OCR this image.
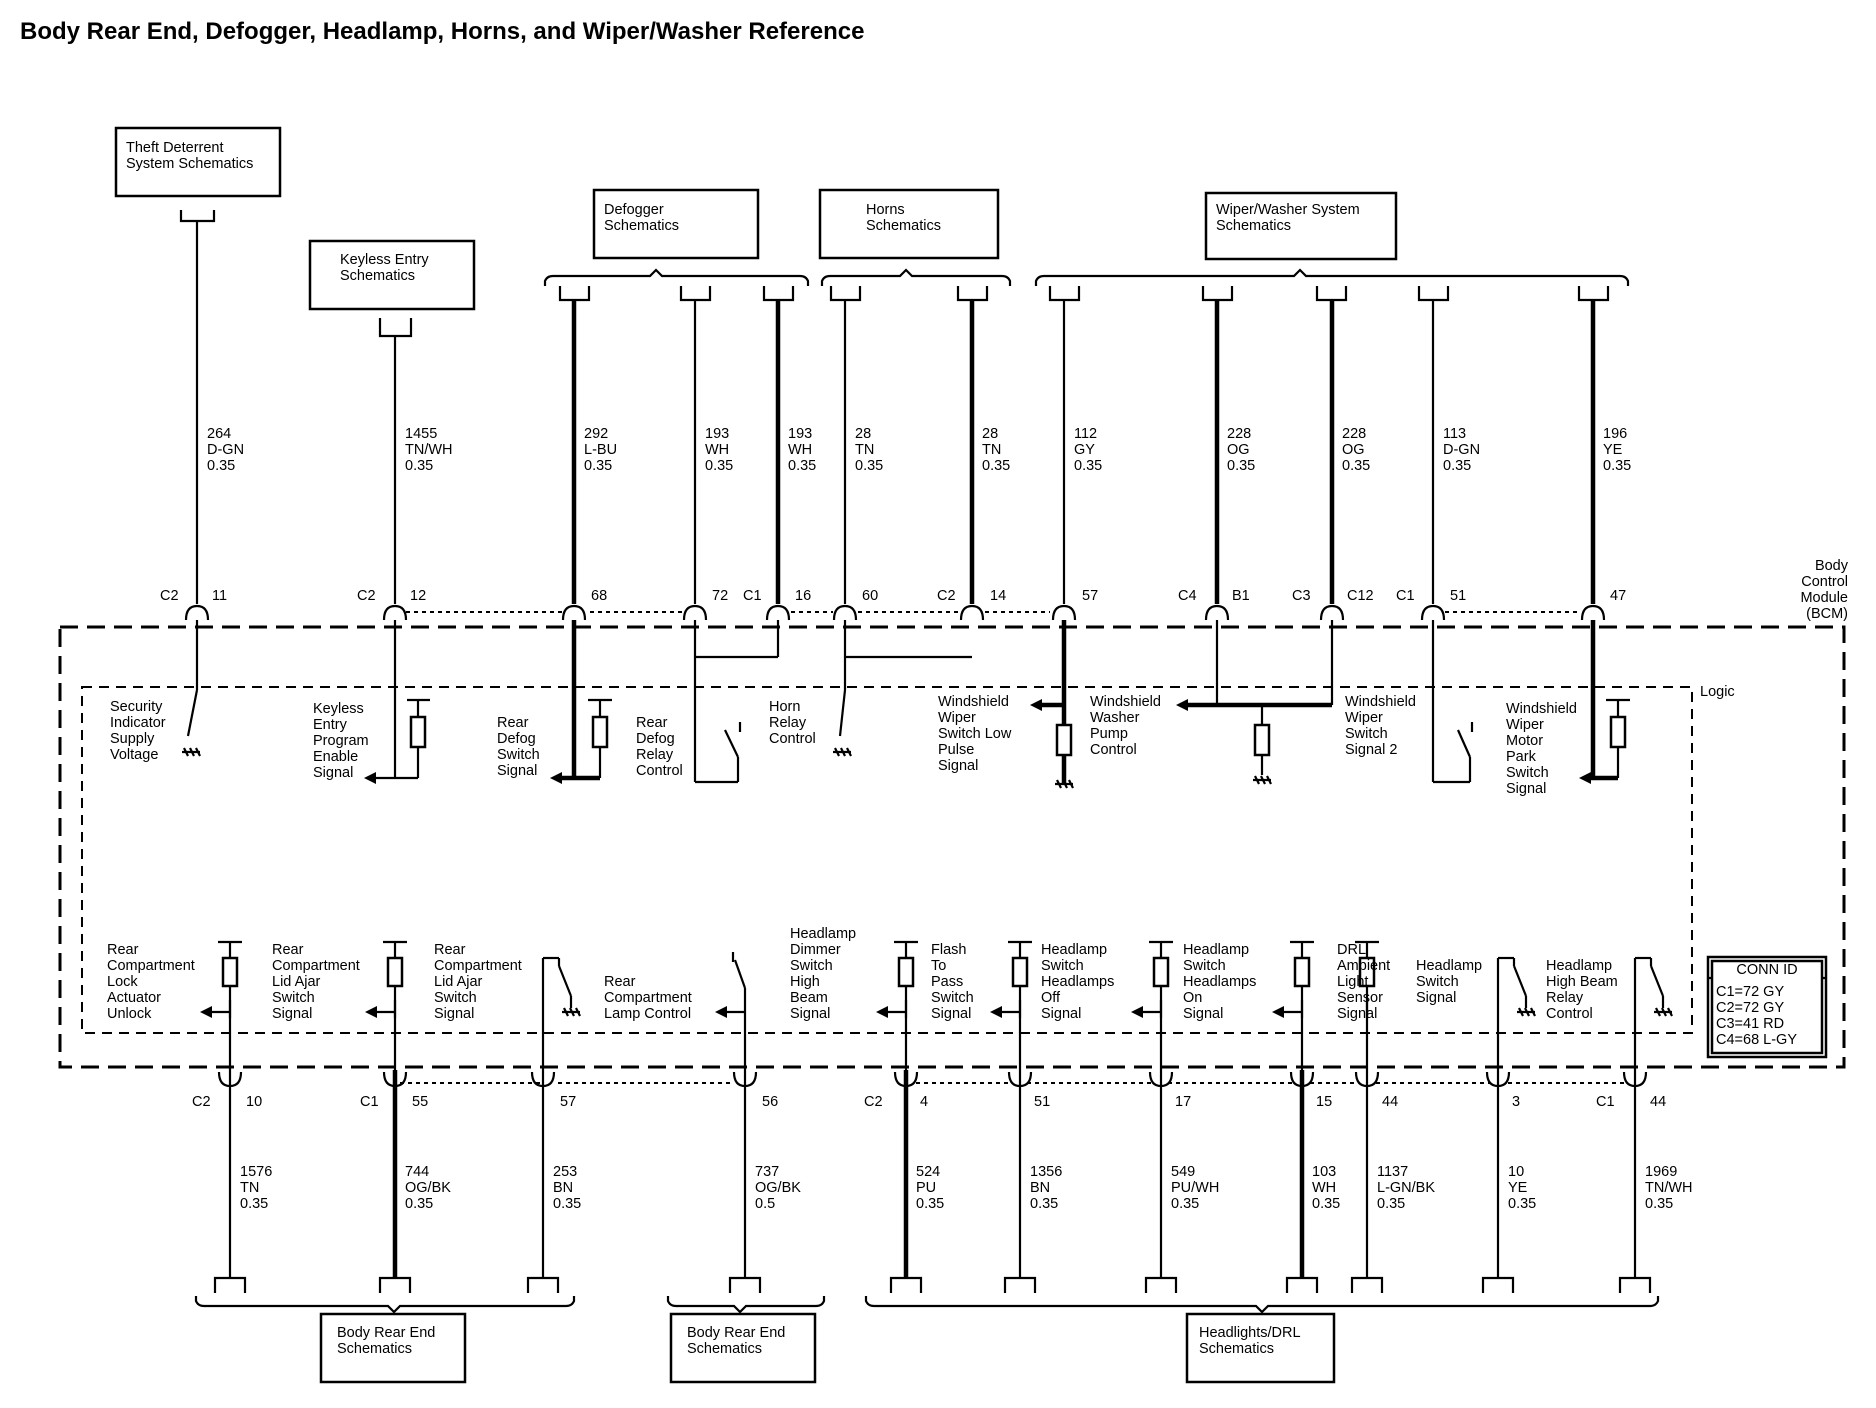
Body Rear End, Defogger, Headlamp, Horns, and Wiper/Washer Reference
Body
Control
Module
(BCM)
Logic
CONN ID
C1=72 GY
C2=72 GY
C3=41 RD
C4=68 L-GY
Theft Deterrent
System Schematics
Keyless Entry
Schematics
Defogger
Schematics
Horns
Schematics
Wiper/Washer System
Schematics
264
D-GN
0.35
1455
TN/WH
0.35
292
L-BU
0.35
193
WH
0.35
193
WH
0.35
28
TN
0.35
28
TN
0.35
112
GY
0.35
228
OG
0.35
228
OG
0.35
113
D-GN
0.35
196
YE
0.35
C2 11	C2 12	68	72 C1 16	60	C2 14	57	C4 B1	C3	C12 C1 51	47
C2 10	C1 55	57	56	C2	4	51	17	15	44	3	C1 44
1576
TN
0.35
744
OG/BK
0.35
253
BN
0.35
737
OG/BK
0.5
524
PU
0.35
1356
BN
0.35
549
PU/WH
0.35
103
WH
0.35
1137
L-GN/BK
0.35
10
YE
0.35
1969
TN/WH
0.35
Body Rear End
Schematics
Body Rear End
Schematics
Headlights/DRL
Schematics
Security
Indicator
Supply
Voltage
Keyless
Entry
Program
Enable
Signal
Rear
Defog
Switch
Signal
Rear
Defog
Relay
Control
Horn
Relay
Control
Windshield
Wiper
Switch Low
Pulse
Signal
Windshield
Washer
Pump
Control
Windshield
Wiper
Switch
Signal 2
Windshield
Wiper
Motor
Park
Switch
Signal
Rear
Compartment
Lock
Actuator
Unlock
Rear
Compartment
Lid Ajar
Switch
Signal
Rear
Compartment
Lid Ajar
Switch
Signal
Rear
Compartment
Lamp Control
Headlamp
Dimmer
Switch
High
Beam
Signal
Flash
To
Pass
Switch
Signal
Headlamp
Switch
Headlamps
Off
Signal
Headlamp
Switch
Headlamps
On
Signal
DRL
Ambient
Light
Sensor
Signal
Headlamp
Switch
Signal
Headlamp
High Beam
Relay
Control
